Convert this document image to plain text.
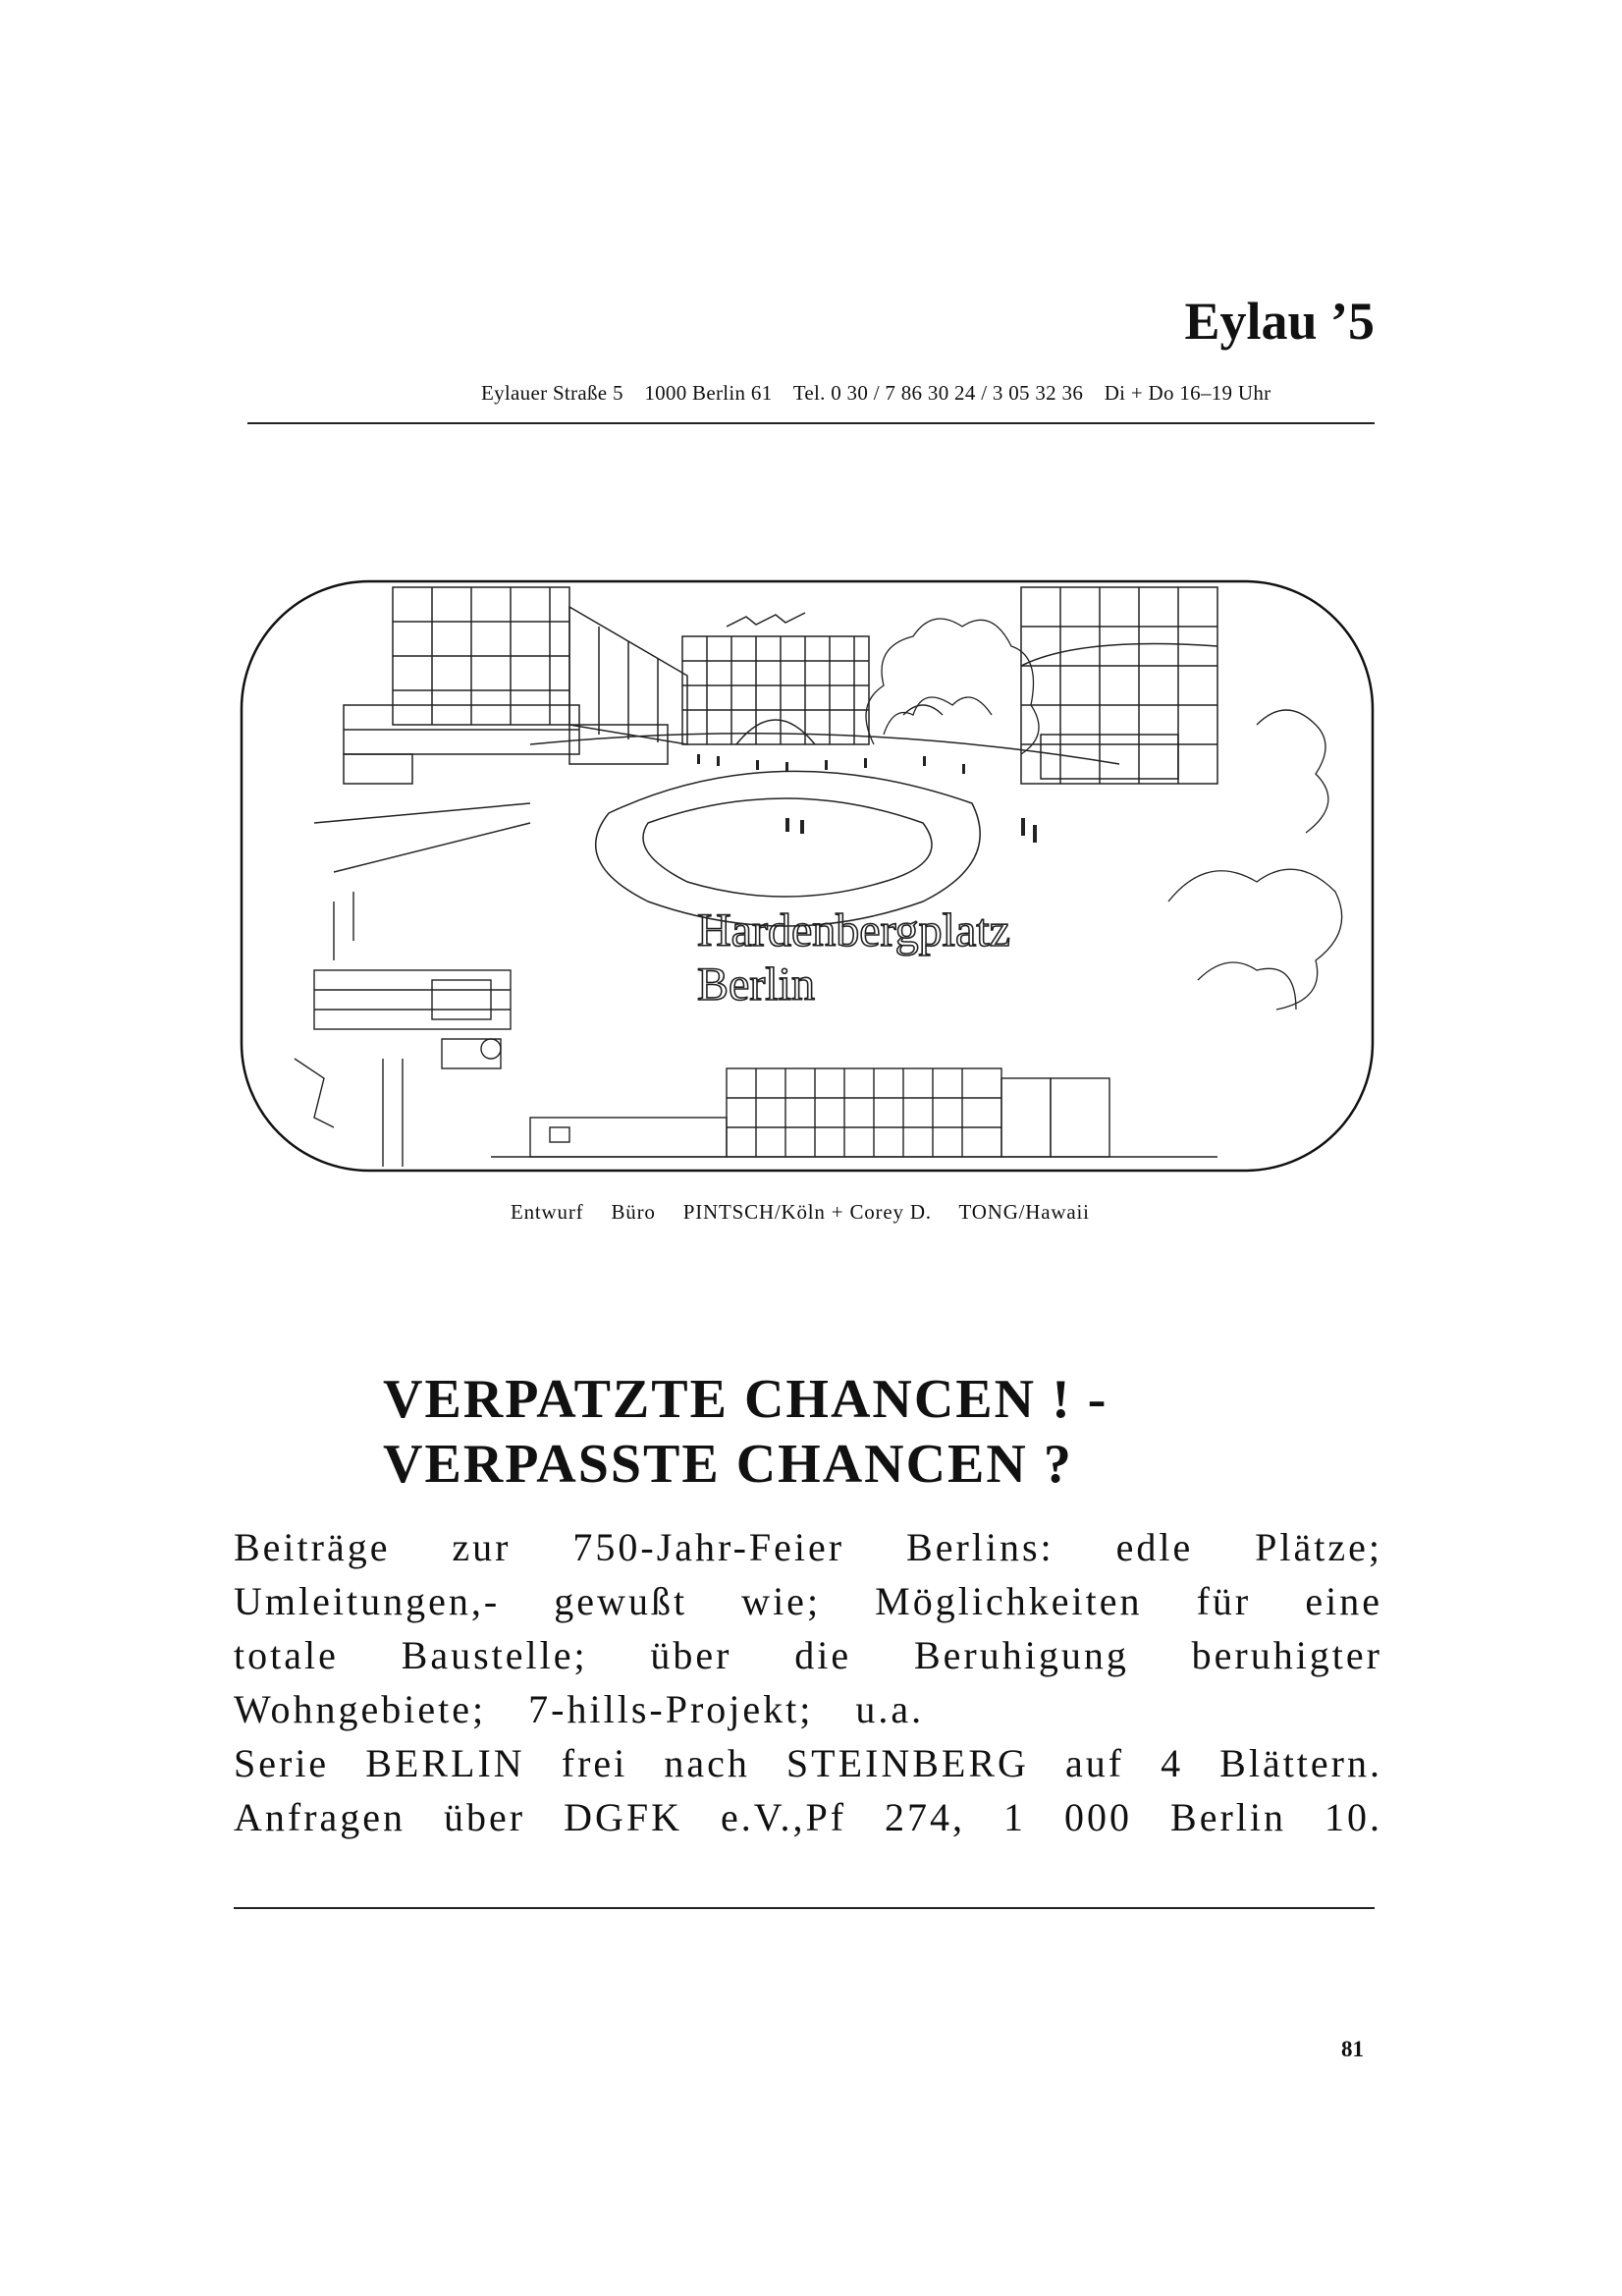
Eylau ’5
Eylauer Straße 5 1000 Berlin 61 Tel. 0 30 / 7 86 30 24 / 3 05 32 36 Di + Do 16–19 Uhr
Hardenbergplatz
Berlin
Entwurf Büro PINTSCH/Köln + Corey D. TONG/Hawaii
VERPATZTE CHANCEN ! -
VERPASSTE CHANCEN ?
Beiträge zur 750-Jahr-Feier Berlins: edle Plätze;
Umleitungen,- gewußt wie; Möglichkeiten für eine
totale Baustelle; über die Beruhigung beruhigter
Wohngebiete; 7-hills-Projekt; u.a.
Serie BERLIN frei nach STEINBERG auf 4 Blättern.
Anfragen über DGFK e.V.,Pf 274, 1 000 Berlin 10.
81
